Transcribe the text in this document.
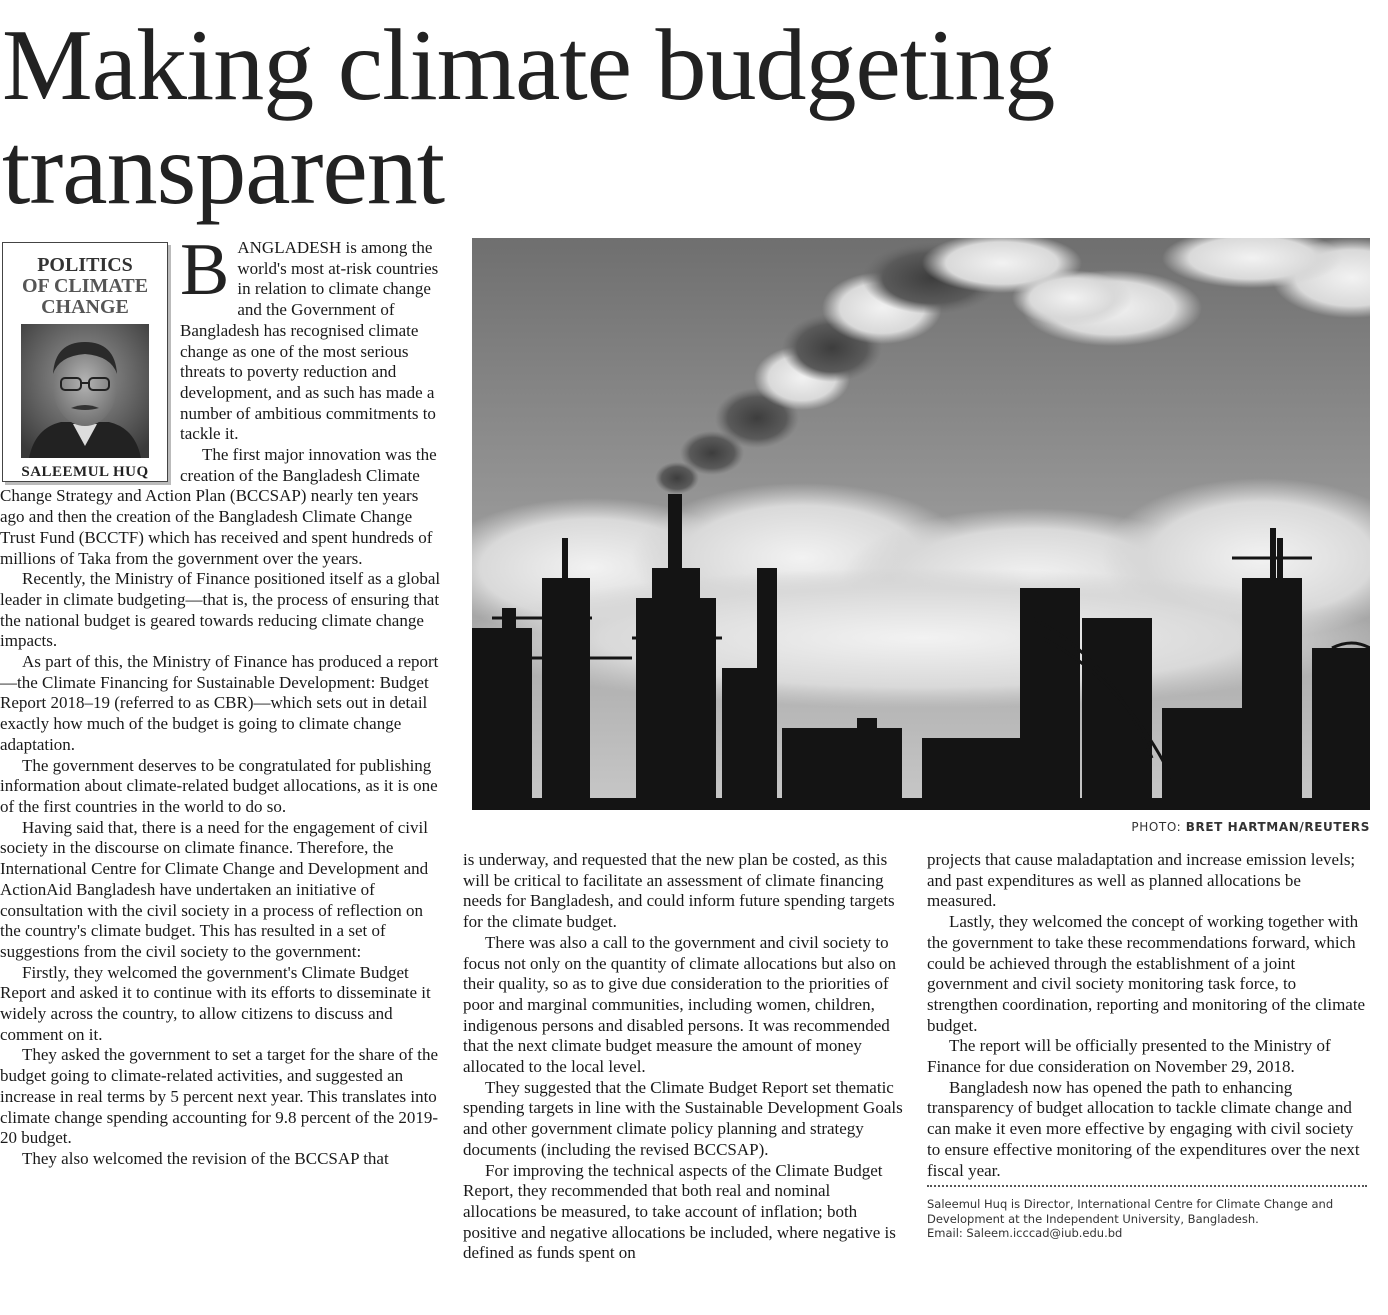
Making climate budgeting transparent
POLITICS
OF CLIMATE
CHANGE
SALEEMUL HUQ

BANGLADESH is among the world's most at-risk countries in relation to climate change and the Government of Bangladesh has recognised climate change as one of the most serious threats to poverty reduction and development, and as such has made a number of ambitious commitments to tackle it.

The first major innovation was the creation of the Bangladesh Climate Change Strategy and Action Plan (BCCSAP) nearly ten years ago and then the creation of the Bangladesh Climate Change Trust Fund (BCCTF) which has received and spent hundreds of millions of Taka from the government over the years.

Recently, the Ministry of Finance positioned itself as a global leader in climate budgeting—that is, the process of ensuring that the national budget is geared towards reducing climate change impacts.

As part of this, the Ministry of Finance has produced a report—the Climate Financing for Sustainable Development: Budget Report 2018–19 (referred to as CBR)—which sets out in detail exactly how much of the budget is going to climate change adaptation.

The government deserves to be congratulated for publishing information about climate-related budget allocations, as it is one of the first countries in the world to do so.

Having said that, there is a need for the engagement of civil society in the discourse on climate finance. Therefore, the International Centre for Climate Change and Development and ActionAid Bangladesh have undertaken an initiative of consultation with the civil society in a process of reflection on the country's climate budget. This has resulted in a set of suggestions from the civil society to the government:

Firstly, they welcomed the government's Climate Budget Report and asked it to continue with its efforts to disseminate it widely across the country, to allow citizens to discuss and comment on it.

They asked the government to set a target for the share of the budget going to climate-related activities, and suggested an increase in real terms by 5 percent next year. This translates into climate change spending accounting for 9.8 percent of the 2019-20 budget.

They also welcomed the revision of the BCCSAP that

PHOTO: BRET HARTMAN/REUTERS

is underway, and requested that the new plan be costed, as this will be critical to facilitate an assessment of climate financing needs for Bangladesh, and could inform future spending targets for the climate budget.

There was also a call to the government and civil society to focus not only on the quantity of climate allocations but also on their quality, so as to give due consideration to the priorities of poor and marginal communities, including women, children, indigenous persons and disabled persons. It was recommended that the next climate budget measure the amount of money allocated to the local level.

They suggested that the Climate Budget Report set thematic spending targets in line with the Sustainable Development Goals and other government climate policy planning and strategy documents (including the revised BCCSAP).

For improving the technical aspects of the Climate Budget Report, they recommended that both real and nominal allocations be measured, to take account of inflation; both positive and negative allocations be included, where negative is defined as funds spent on

projects that cause maladaptation and increase emission levels; and past expenditures as well as planned allocations be measured.

Lastly, they welcomed the concept of working together with the government to take these recommendations forward, which could be achieved through the establishment of a joint government and civil society monitoring task force, to strengthen coordination, reporting and monitoring of the climate budget.

The report will be officially presented to the Ministry of Finance for due consideration on November 29, 2018.

Bangladesh now has opened the path to enhancing transparency of budget allocation to tackle climate change and can make it even more effective by engaging with civil society to ensure effective monitoring of the expenditures over the next fiscal year.

Saleemul Huq is Director, International Centre for Climate Change and
Development at the Independent University, Bangladesh.
Email: Saleem.icccad@iub.edu.bd
